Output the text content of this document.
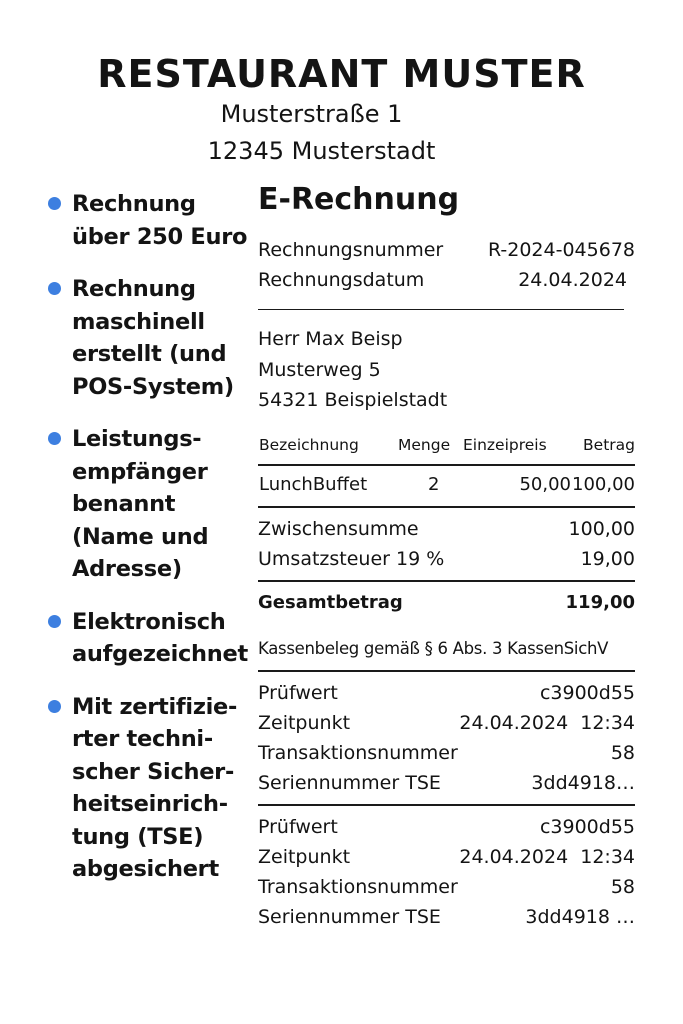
RESTAURANT MUSTER
Musterstraße 1
12345 Musterstadt
Rechnung
über 250 Euro
Rechnung
maschinell
erstellt (und
POS-System)
Leistungs-
empfänger
benannt
(Name und
Adresse)
Elektronisch
aufgezeichnet
Mit zertifizie-
rter techni-
scher Sicher-
heitseinrich-
tung (TSE)
abgesichert
E-Rechnung
Rechnungsnummer R-2024-045678
Rechnungsdatum	24.04.2024
Herr Max Beisp
Musterweg 5
54321 Beispielstadt
Bezeichnung	Menge Einzeipreis Betrag
LunchBuffet	2	50,00 100,00
Zwischensumme	100,00
Umsatzsteuer 19 %	19,00
Gesamtbetrag	119,00
Kassenbeleg gemäß § 6 Abs. 3 KassenSichV
Prüfwert	c3900d55
Zeitpunkt	24.04.2024  12:34
Transaktionsnummer	58
Seriennummer TSE	3dd4918…
Prüfwert	c3900d55
Zeitpunkt	24.04.2024  12:34
Transaktionsnummer	58
Seriennummer TSE	3dd4918 …
